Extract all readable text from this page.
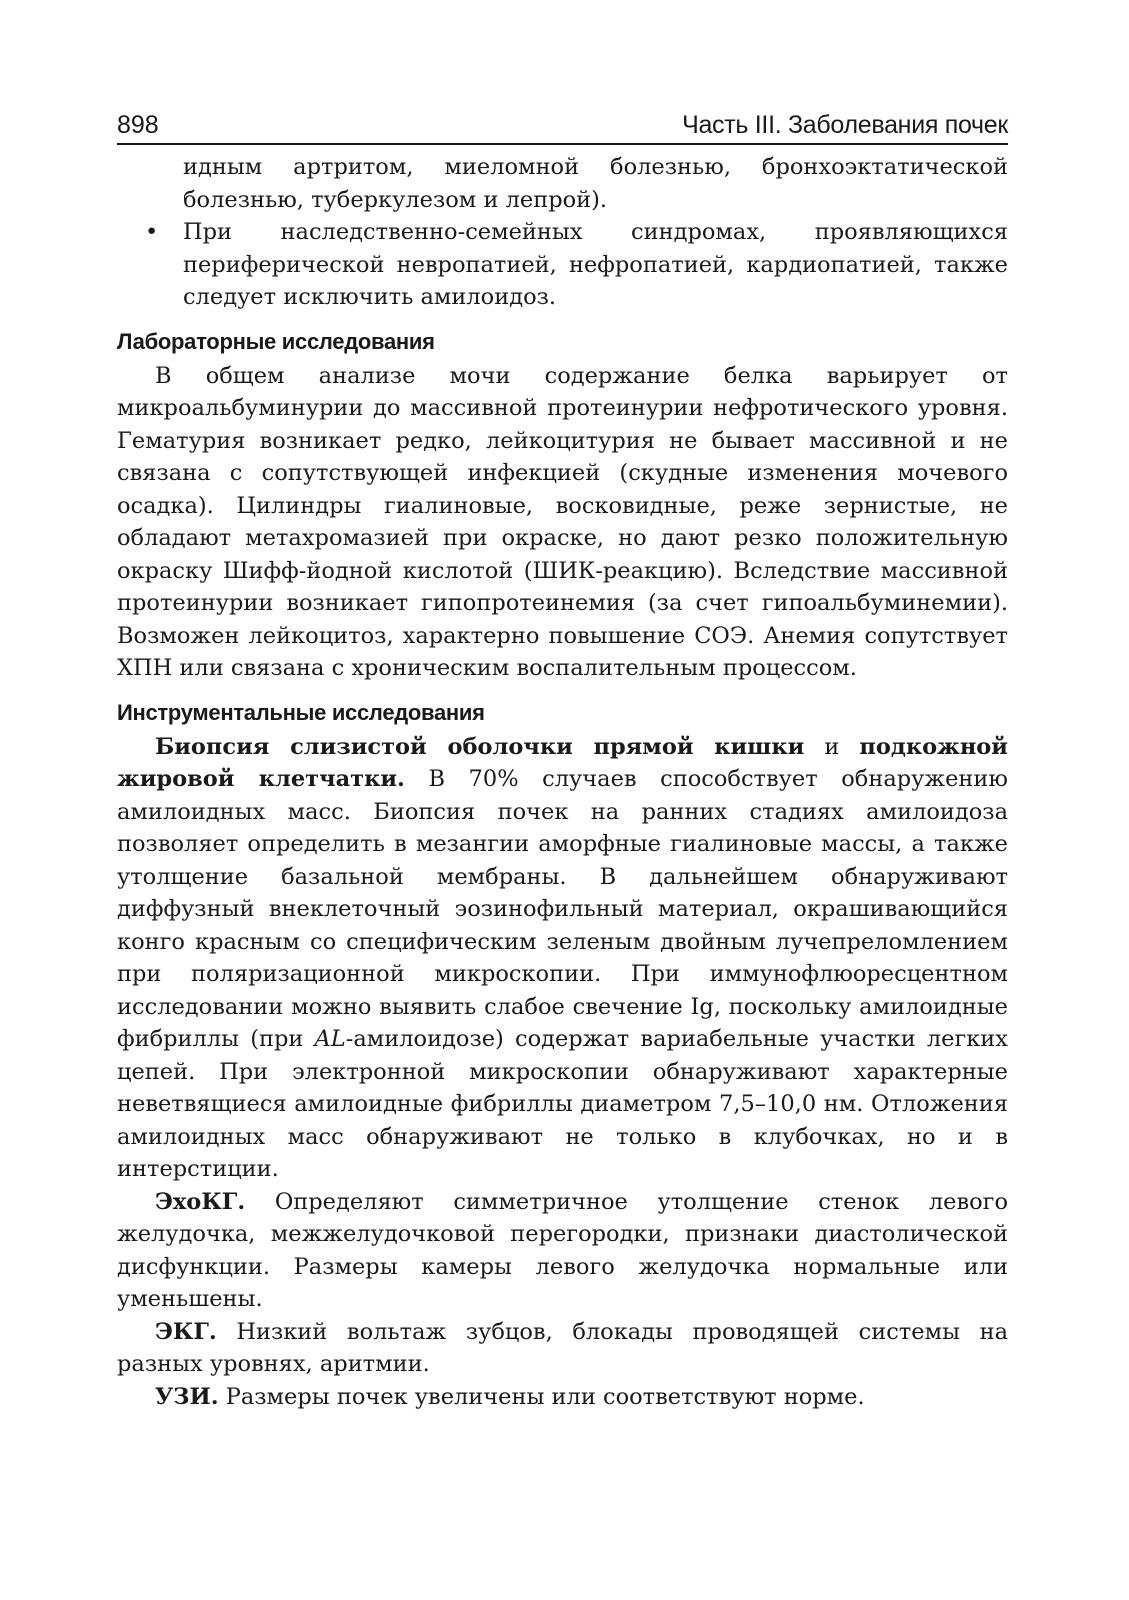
898	Часть III. Заболевания почек

идным артритом, миеломной болезнью, бронхоэктатической болезнью, туберкулезом и лепрой).

• При наследственно-семейных синдромах, проявляющихся периферической невропатией, нефропатией, кардиопатией, также следует исключить амилоидоз.
Лабораторные исследования

В общем анализе мочи содержание белка варьирует от микроальбуминурии до массивной протеинурии нефротического уровня. Гематурия возникает редко, лейкоцитурия не бывает массивной и не связана с сопутствующей инфекцией (скудные изменения мочевого осадка). Цилиндры гиалиновые, восковидные, реже зернистые, не обладают метахромазией при окраске, но дают резко положительную окраску Шифф-йодной кислотой (ШИК-реакцию). Вследствие массивной протеинурии возникает гипопротеинемия (за счет гипоальбуминемии). Возможен лейкоцитоз, характерно повышение СОЭ. Анемия сопутствует ХПН или связана с хроническим воспалительным процессом.

Инструментальные исследования

Биопсия слизистой оболочки прямой кишки и подкожной жировой клетчатки. В 70% случаев способствует обнаружению амилоидных масс. Биопсия почек на ранних стадиях амилоидоза позволяет определить в мезангии аморфные гиалиновые массы, а также утолщение базальной мембраны. В дальнейшем обнаруживают диффузный внеклеточный эозинофильный материал, окрашивающийся конго красным со специфическим зеленым двойным лучепреломлением при поляризационной микроскопии. При иммунофлюоресцентном исследовании можно выявить слабое свечение Ig, поскольку амилоидные фибриллы (при AL-амилоидозе) содержат вариабельные участки легких цепей. При электронной микроскопии обнаруживают характерные неветвящиеся амилоидные фибриллы диаметром 7,5–10,0 нм. Отложения амилоидных масс обнаруживают не только в клубочках, но и в интерстиции.

ЭхоКГ. Определяют симметричное утолщение стенок левого желудочка, межжелудочковой перегородки, признаки диастолической дисфункции. Размеры камеры левого желудочка нормальные или уменьшены.

ЭКГ. Низкий вольтаж зубцов, блокады проводящей системы на разных уровнях, аритмии.

УЗИ. Размеры почек увеличены или соответствуют норме.
